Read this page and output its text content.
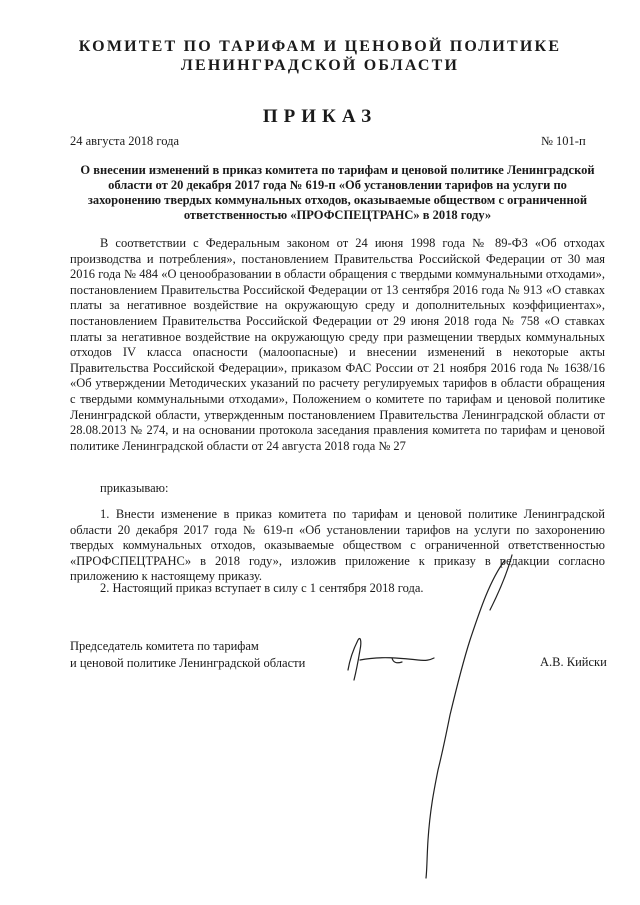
КОМИТЕТ ПО ТАРИФАМ И ЦЕНОВОЙ ПОЛИТИКЕ
ЛЕНИНГРАДСКОЙ ОБЛАСТИ
ПРИКАЗ
24 августа 2018 года	№ 101-п
О внесении изменений в приказ комитета по тарифам и ценовой политике Ленинградской области от 20 декабря 2017 года № 619-п «Об установлении тарифов на услуги по захоронению твердых коммунальных отходов, оказываемые обществом с ограниченной ответственностью «ПРОФСПЕЦТРАНС» в 2018 году»

В соответствии с Федеральным законом от 24 июня 1998 года № 89-ФЗ «Об отходах производства и потребления», постановлением Правительства Российской Федерации от 30 мая 2016 года № 484 «О ценообразовании в области обращения с твердыми коммунальными отходами», постановлением Правительства Российской Федерации от 13 сентября 2016 года № 913 «О ставках платы за негативное воздействие на окружающую среду и дополнительных коэффициентах», постановлением Правительства Российской Федерации от 29 июня 2018 года № 758 «О ставках платы за негативное воздействие на окружающую среду при размещении твердых коммунальных отходов IV класса опасности (малоопасные) и внесении изменений в некоторые акты Правительства Российской Федерации», приказом ФАС России от 21 ноября 2016 года № 1638/16 «Об утверждении Методических указаний по расчету регулируемых тарифов в области обращения с твердыми коммунальными отходами», Положением о комитете по тарифам и ценовой политике Ленинградской области, утвержденным постановлением Правительства Ленинградской области от 28.08.2013 № 274, и на основании протокола заседания правления комитета по тарифам и ценовой политике Ленинградской области от 24 августа 2018 года № 27

приказываю:

1. Внести изменение в приказ комитета по тарифам и ценовой политике Ленинградской области 20 декабря 2017 года № 619-п «Об установлении тарифов на услуги по захоронению твердых коммунальных отходов, оказываемые обществом с ограниченной ответственностью «ПРОФСПЕЦТРАНС» в 2018 году», изложив приложение к приказу в редакции согласно приложению к настоящему приказу.

2. Настоящий приказ вступает в силу с 1 сентября 2018 года.

Председатель комитета по тарифам
и ценовой политике Ленинградской области	А.В. Кийски
